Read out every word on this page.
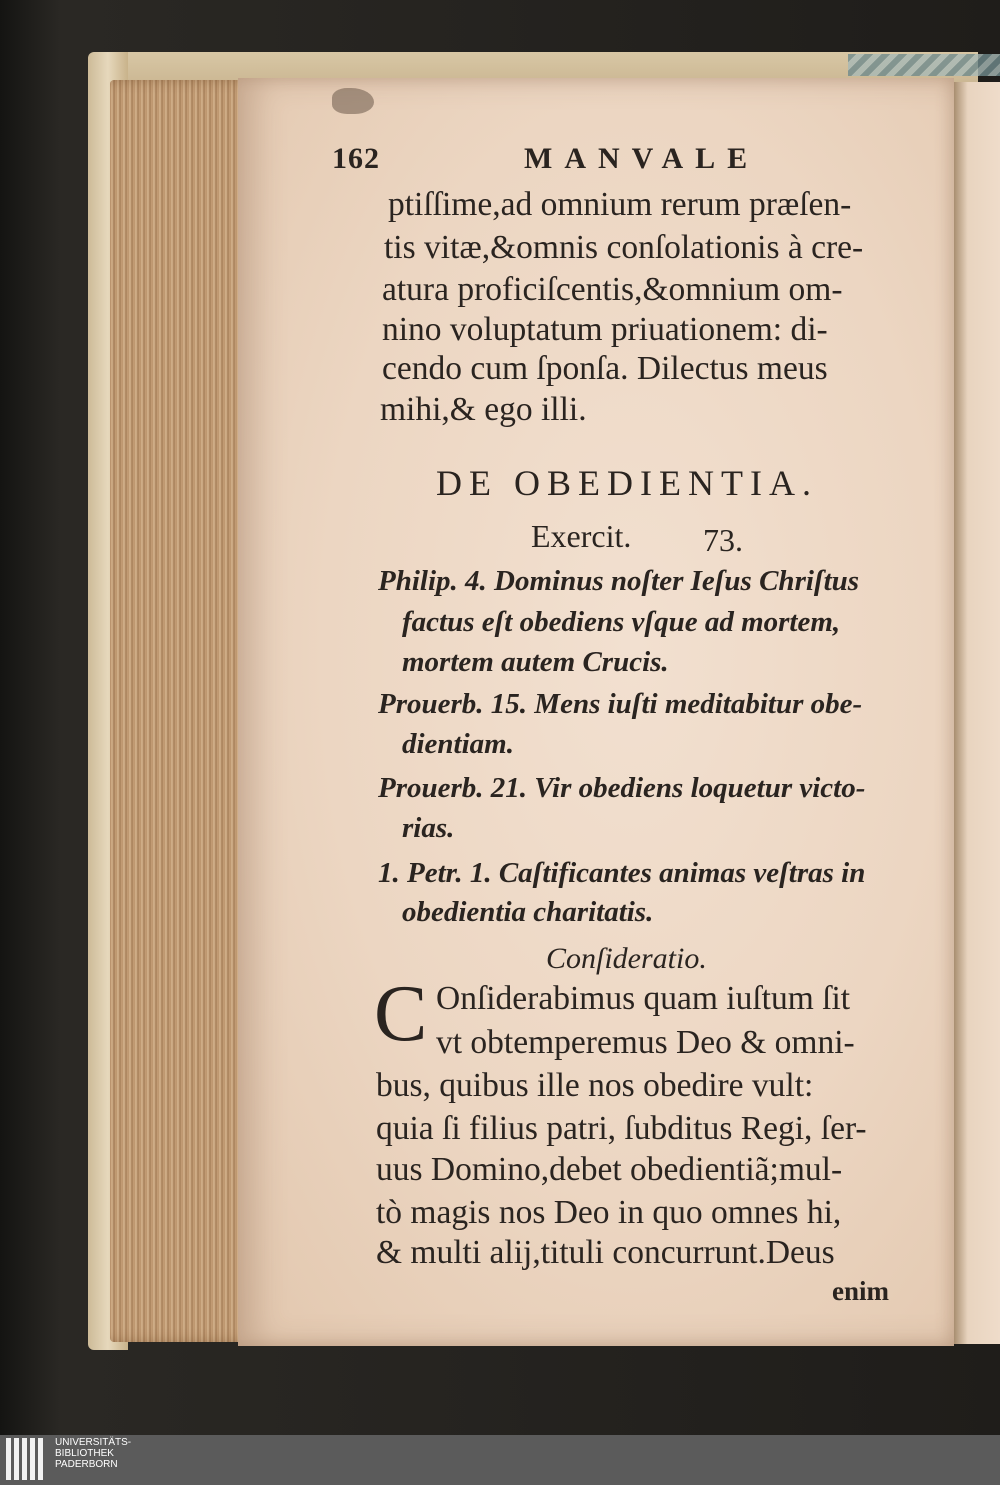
162	MANVALE
ptiſſime,ad omnium rerum præſen-
tis vitæ,&omnis conſolationis à cre-
atura proficiſcentis,&omnium om-
nino voluptatum priuationem: di-
cendo cum ſponſa. Dilectus meus
mihi,& ego illi.
DE OBEDIENTIA.
Exercit. 73.
Philip. 4. Dominus noſter Ieſus Chriſtus
factus eſt obediens vſque ad mortem,
mortem autem Crucis.
Prouerb. 15. Mens iuſti meditabitur obe-
dientiam.
Prouerb. 21. Vir obediens loquetur victo-
rias.
1. Petr. 1. Caſtificantes animas veſtras in
obedientia charitatis.
Conſideratio.
C Onſiderabimus quam iuſtum ſit
vt obtemperemus Deo & omni-
bus, quibus ille nos obedire vult:
quia ſi filius patri, ſubditus Regi, ſer-
uus Domino,debet obedientiã;mul-
tò magis nos Deo in quo omnes hi,
& multi alij,tituli concurrunt.Deus
enim
UNIVERSITÄTS-
BIBLIOTHEK
PADERBORN
